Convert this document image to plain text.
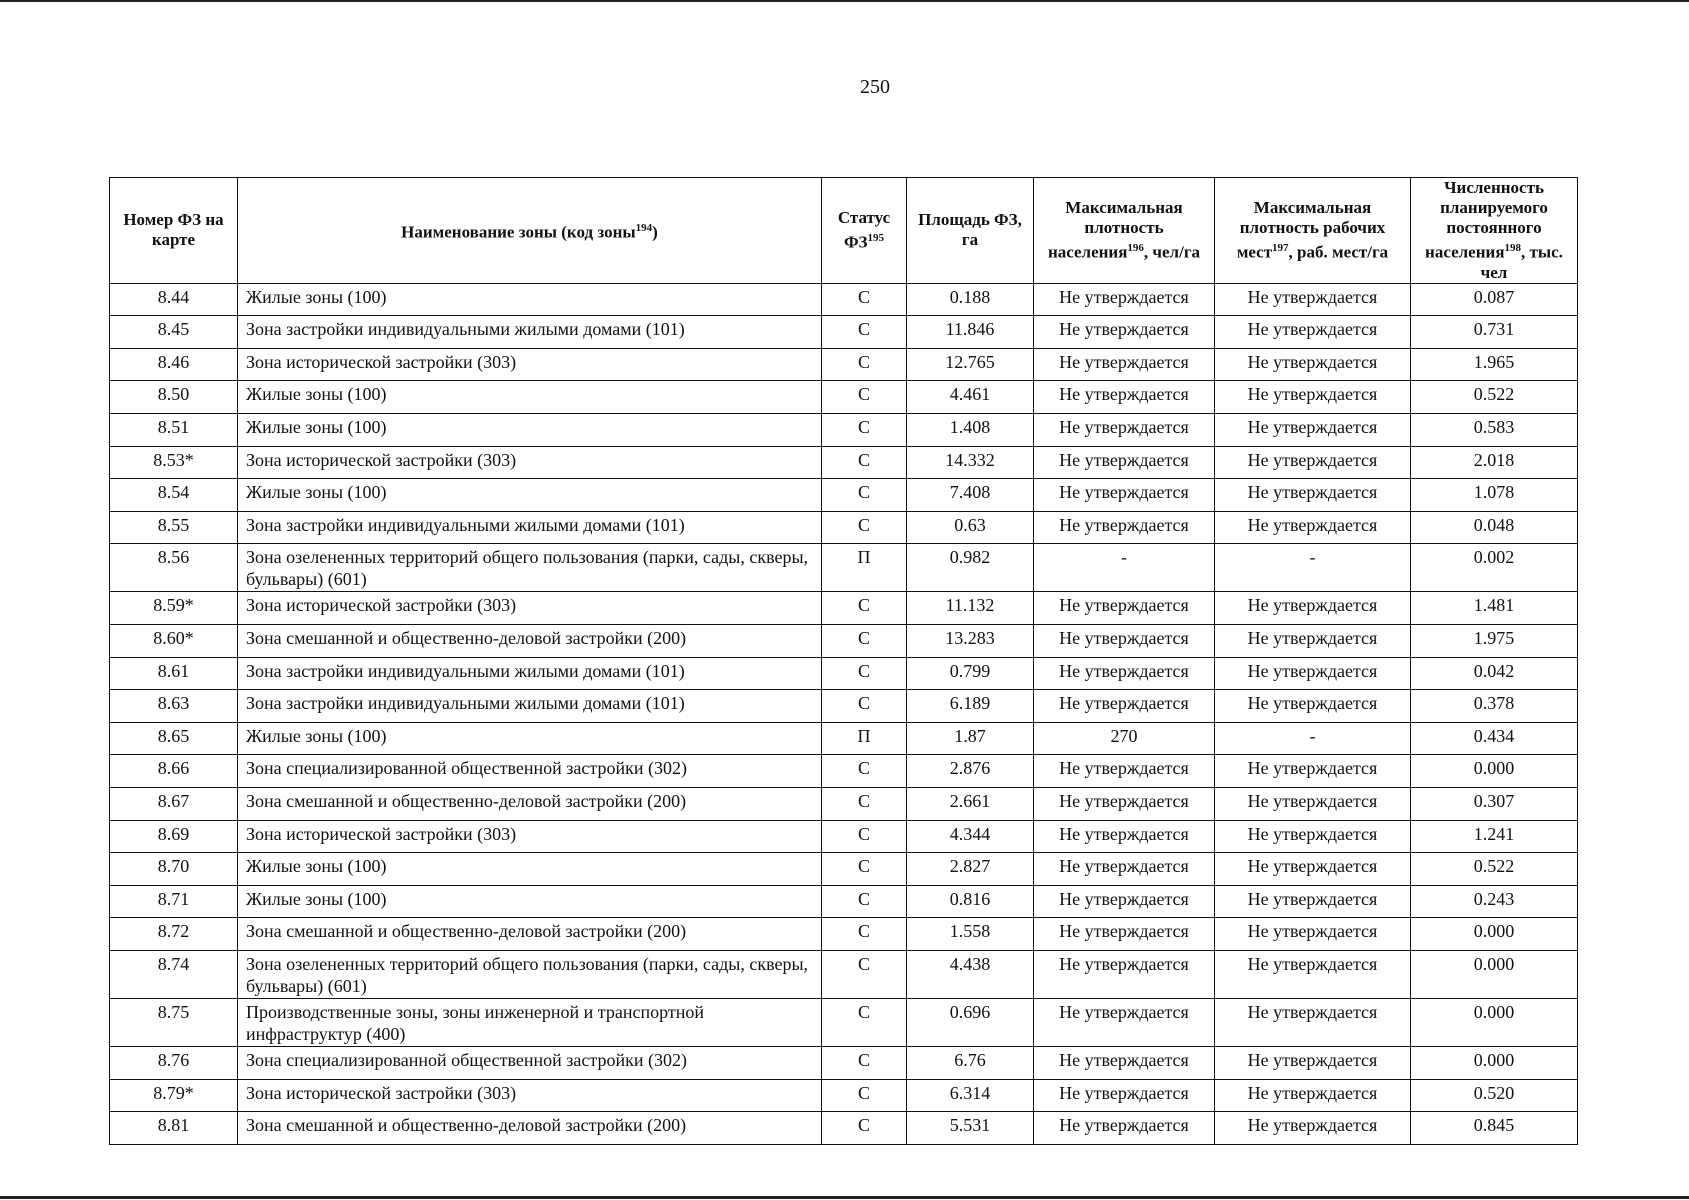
250
Номер ФЗ на карте	Наименование зоны (код зоны$^{194}$)	Статус ФЗ$^{195}$	Площадь ФЗ, га	Максимальная плотность населения$^{196}$, чел/га	Максимальная плотность рабочих мест$^{197}$, раб. мест/га	Численность планируемого постоянного населения$^{198}$, тыс. чел
8.44	Жилые зоны (100)	С	0.188	Не утверждается	Не утверждается	0.087
8.45	Зона застройки индивидуальными жилыми домами (101)	С	11.846	Не утверждается	Не утверждается	0.731
8.46	Зона исторической застройки (303)	С	12.765	Не утверждается	Не утверждается	1.965
8.50	Жилые зоны (100)	С	4.461	Не утверждается	Не утверждается	0.522
8.51	Жилые зоны (100)	С	1.408	Не утверждается	Не утверждается	0.583
8.53*	Зона исторической застройки (303)	С	14.332	Не утверждается	Не утверждается	2.018
8.54	Жилые зоны (100)	С	7.408	Не утверждается	Не утверждается	1.078
8.55	Зона застройки индивидуальными жилыми домами (101)	С	0.63	Не утверждается	Не утверждается	0.048
8.56	Зона озелененных территорий общего пользования (парки, сады, скверы, бульвары) (601)	П	0.982	-	-	0.002
8.59*	Зона исторической застройки (303)	С	11.132	Не утверждается	Не утверждается	1.481
8.60*	Зона смешанной и общественно-деловой застройки (200)	С	13.283	Не утверждается	Не утверждается	1.975
8.61	Зона застройки индивидуальными жилыми домами (101)	С	0.799	Не утверждается	Не утверждается	0.042
8.63	Зона застройки индивидуальными жилыми домами (101)	С	6.189	Не утверждается	Не утверждается	0.378
8.65	Жилые зоны (100)	П	1.87	270	-	0.434
8.66	Зона специализированной общественной застройки (302)	С	2.876	Не утверждается	Не утверждается	0.000
8.67	Зона смешанной и общественно-деловой застройки (200)	С	2.661	Не утверждается	Не утверждается	0.307
8.69	Зона исторической застройки (303)	С	4.344	Не утверждается	Не утверждается	1.241
8.70	Жилые зоны (100)	С	2.827	Не утверждается	Не утверждается	0.522
8.71	Жилые зоны (100)	С	0.816	Не утверждается	Не утверждается	0.243
8.72	Зона смешанной и общественно-деловой застройки (200)	С	1.558	Не утверждается	Не утверждается	0.000
8.74	Зона озелененных территорий общего пользования (парки, сады, скверы, бульвары) (601)	С	4.438	Не утверждается	Не утверждается	0.000
8.75	Производственные зоны, зоны инженерной и транспортной инфраструктур (400)	С	0.696	Не утверждается	Не утверждается	0.000
8.76	Зона специализированной общественной застройки (302)	С	6.76	Не утверждается	Не утверждается	0.000
8.79*	Зона исторической застройки (303)	С	6.314	Не утверждается	Не утверждается	0.520
8.81	Зона смешанной и общественно-деловой застройки (200)	С	5.531	Не утверждается	Не утверждается	0.845
